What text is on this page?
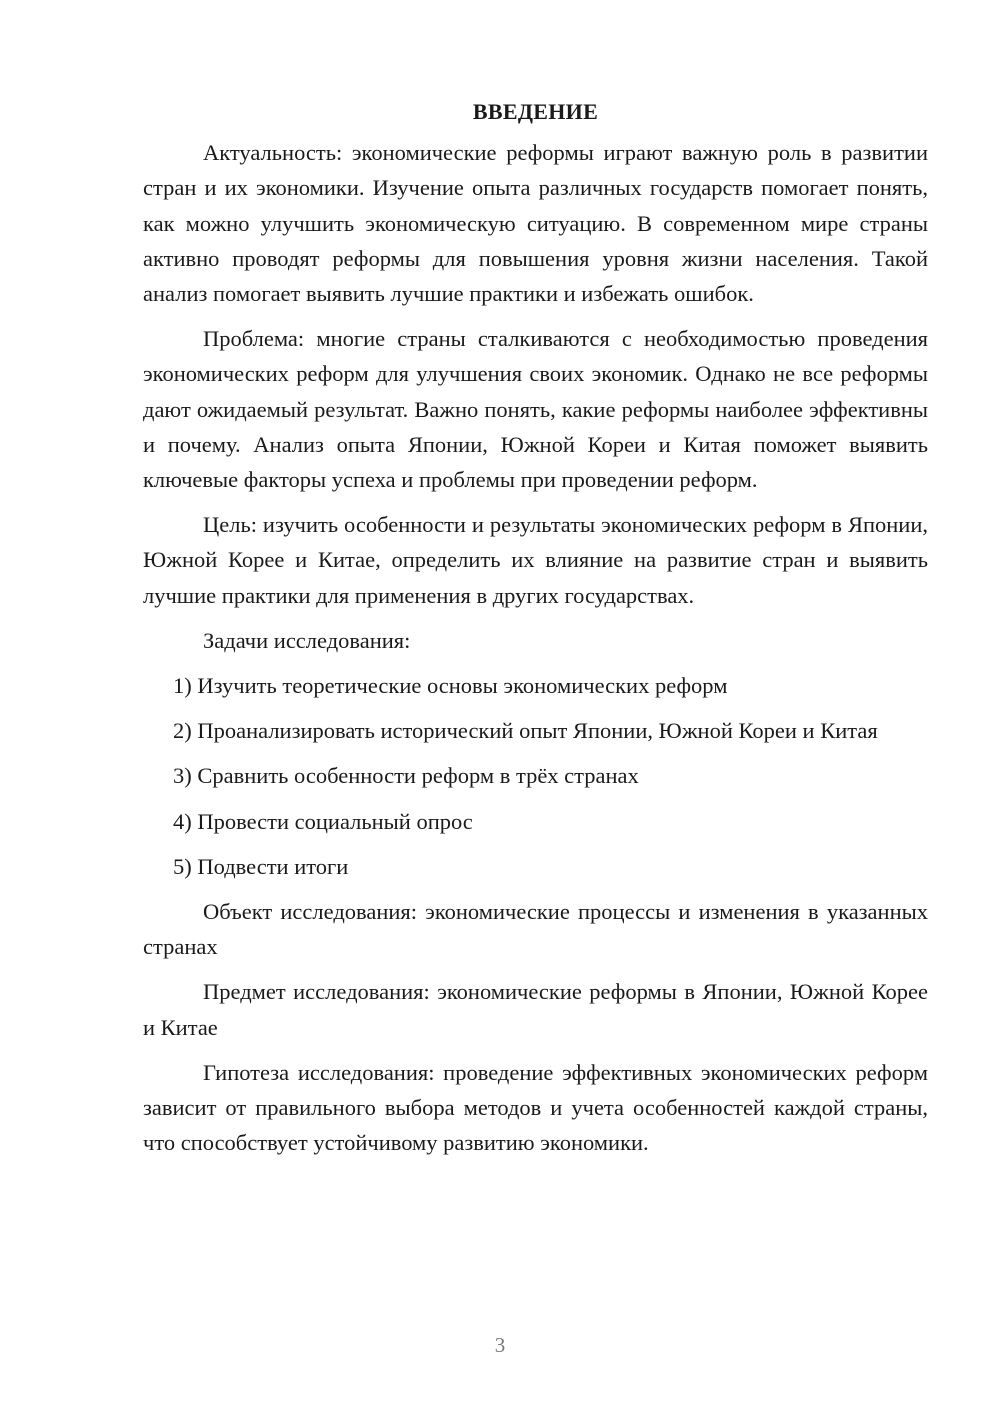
ВВЕДЕНИЕ

Актуальность: экономические реформы играют важную роль в развитии стран и их экономики. Изучение опыта различных государств помогает понять, как можно улучшить экономическую ситуацию. В современном мире страны активно проводят реформы для повышения уровня жизни населения. Такой анализ помогает выявить лучшие практики и избежать ошибок.

Проблема: многие страны сталкиваются с необходимостью проведения экономических реформ для улучшения своих экономик. Однако не все реформы дают ожидаемый результат. Важно понять, какие реформы наиболее эффективны и почему. Анализ опыта Японии, Южной Кореи и Китая поможет выявить ключевые факторы успеха и проблемы при проведении реформ.

Цель: изучить особенности и результаты экономических реформ в Японии, Южной Корее и Китае, определить их влияние на развитие стран и выявить лучшие практики для применения в других государствах.

Задачи исследования:

1) Изучить теоретические основы экономических реформ

2) Проанализировать исторический опыт Японии, Южной Кореи и Китая

3) Сравнить особенности реформ в трёх странах

4) Провести социальный опрос

5) Подвести итоги

Объект исследования: экономические процессы и изменения в указанных странах

Предмет исследования: экономические реформы в Японии, Южной Корее и Китае

Гипотеза исследования: проведение эффективных экономических реформ зависит от правильного выбора методов и учета особенностей каждой страны, что способствует устойчивому развитию экономики.

3
